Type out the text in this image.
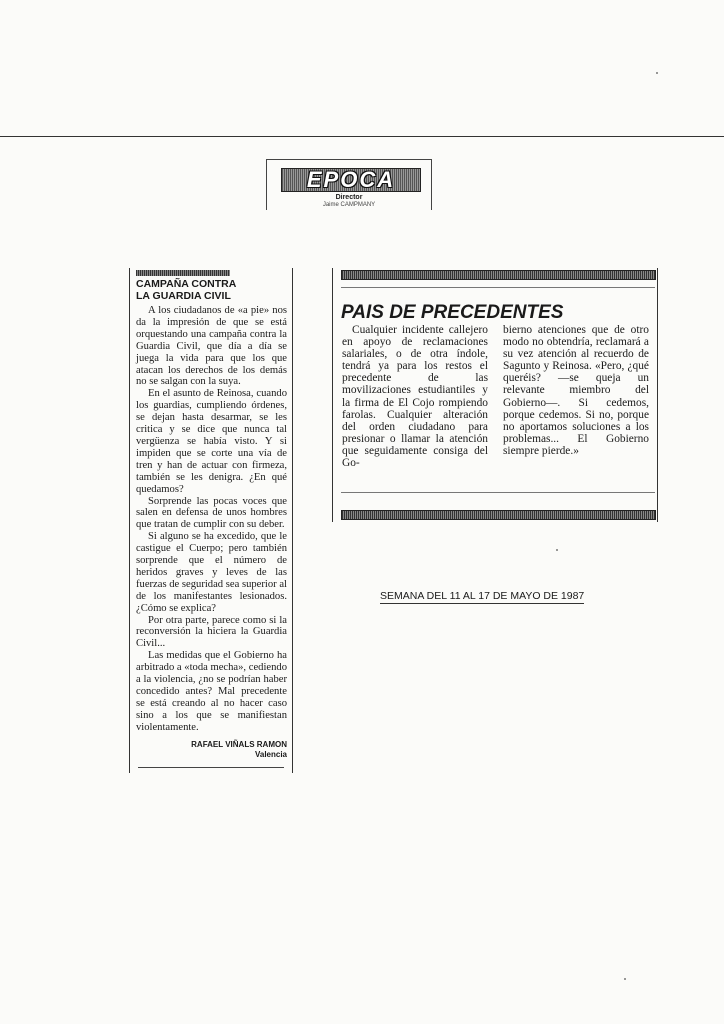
EPOCA
Director
Jaime CAMPMANY
CAMPAÑA CONTRA
LA GUARDIA CIVIL

A los ciudadanos de «a pie» nos da la impresión de que se está orquestando una campaña contra la Guardia Civil, que día a día se juega la vida para que los que atacan los derechos de los demás no se salgan con la suya.

En el asunto de Reinosa, cuando los guardias, cumpliendo órdenes, se dejan hasta desarmar, se les critica y se dice que nunca tal vergüenza se había visto. Y si impiden que se corte una vía de tren y han de actuar con firmeza, también se les denigra. ¿En qué quedamos?

Sorprende las pocas voces que salen en defensa de unos hombres que tratan de cumplir con su deber.

Si alguno se ha excedido, que le castigue el Cuerpo; pero también sorprende que el número de heridos graves y leves de las fuerzas de seguridad sea superior al de los manifestantes lesionados. ¿Cómo se explica?

Por otra parte, parece como si la reconversión la hiciera la Guardia Civil...

Las medidas que el Gobierno ha arbitrado a «toda mecha», cediendo a la violencia, ¿no se podrían haber concedido antes? Mal precedente se está creando al no hacer caso sino a los que se manifiestan violentamente.

RAFAEL VIÑALS RAMON
Valencia
PAIS DE PRECEDENTES

Cualquier incidente callejero en apoyo de reclamaciones salariales, o de otra índole, tendrá ya para los restos el precedente de las movilizaciones estudiantiles y la firma de El Cojo rompiendo farolas. Cualquier alteración del orden ciudadano para presionar o llamar la atención que seguidamente consiga del Go-

bierno atenciones que de otro modo no obtendría, reclamará a su vez atención al recuerdo de Sagunto y Reinosa. «Pero, ¿qué queréis? —se queja un relevante miembro del Gobierno—. Si cedemos, porque cedemos. Si no, porque no aportamos soluciones a los problemas... El Gobierno siempre pierde.»

SEMANA DEL 11 AL 17 DE MAYO DE 1987
